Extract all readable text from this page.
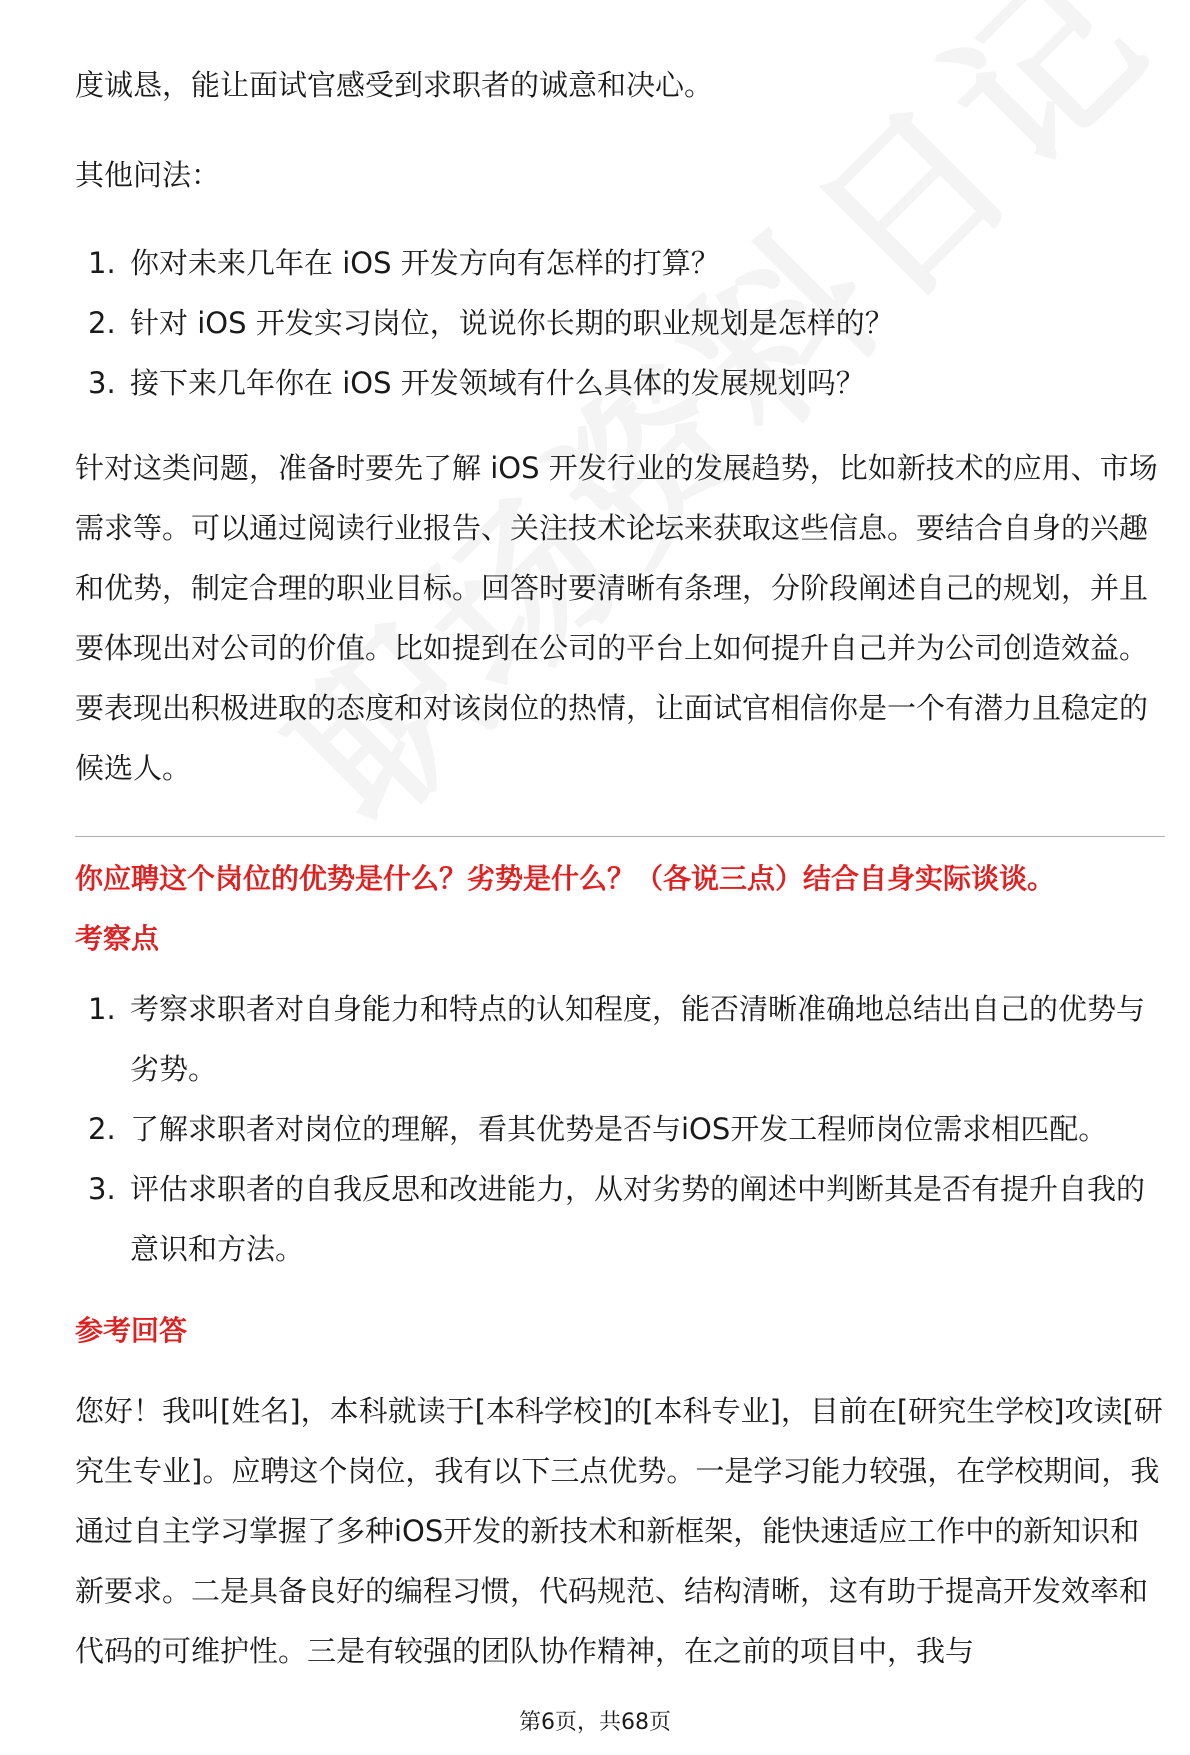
度诚恳，能让面试官感受到求职者的诚意和决心。

其他问法：

1. 你对未来几年在 iOS 开发方向有怎样的打算？
2. 针对 iOS 开发实习岗位，说说你长期的职业规划是怎样的？
3. 接下来几年你在 iOS 开发领域有什么具体的发展规划吗？

针对这类问题，准备时要先了解 iOS 开发行业的发展趋势，比如新技术的应用、市场需求等。可以通过阅读行业报告、关注技术论坛来获取这些信息。要结合自身的兴趣和优势，制定合理的职业目标。回答时要清晰有条理，分阶段阐述自己的规划，并且要体现出对公司的价值。比如提到在公司的平台上如何提升自己并为公司创造效益。要表现出积极进取的态度和对该岗位的热情，让面试官相信你是一个有潜力且稳定的候选人。

你应聘这个岗位的优势是什么？劣势是什么？（各说三点）结合自身实际谈谈。
考察点
1. 考察求职者对自身能力和特点的认知程度，能否清晰准确地总结出自己的优势与劣势。
2. 了解求职者对岗位的理解，看其优势是否与iOS开发工程师岗位需求相匹配。
3. 评估求职者的自我反思和改进能力，从对劣势的阐述中判断其是否有提升自我的意识和方法。
参考回答

您好！我叫[姓名]，本科就读于[本科学校]的[本科专业]，目前在[研究生学校]攻读[研究生专业]。应聘这个岗位，我有以下三点优势。一是学习能力较强，在学校期间，我通过自主学习掌握了多种iOS开发的新技术和新框架，能快速适应工作中的新知识和新要求。二是具备良好的编程习惯，代码规范、结构清晰，这有助于提高开发效率和代码的可维护性。三是有较强的团队协作精神，在之前的项目中，我与

第6页，共68页
